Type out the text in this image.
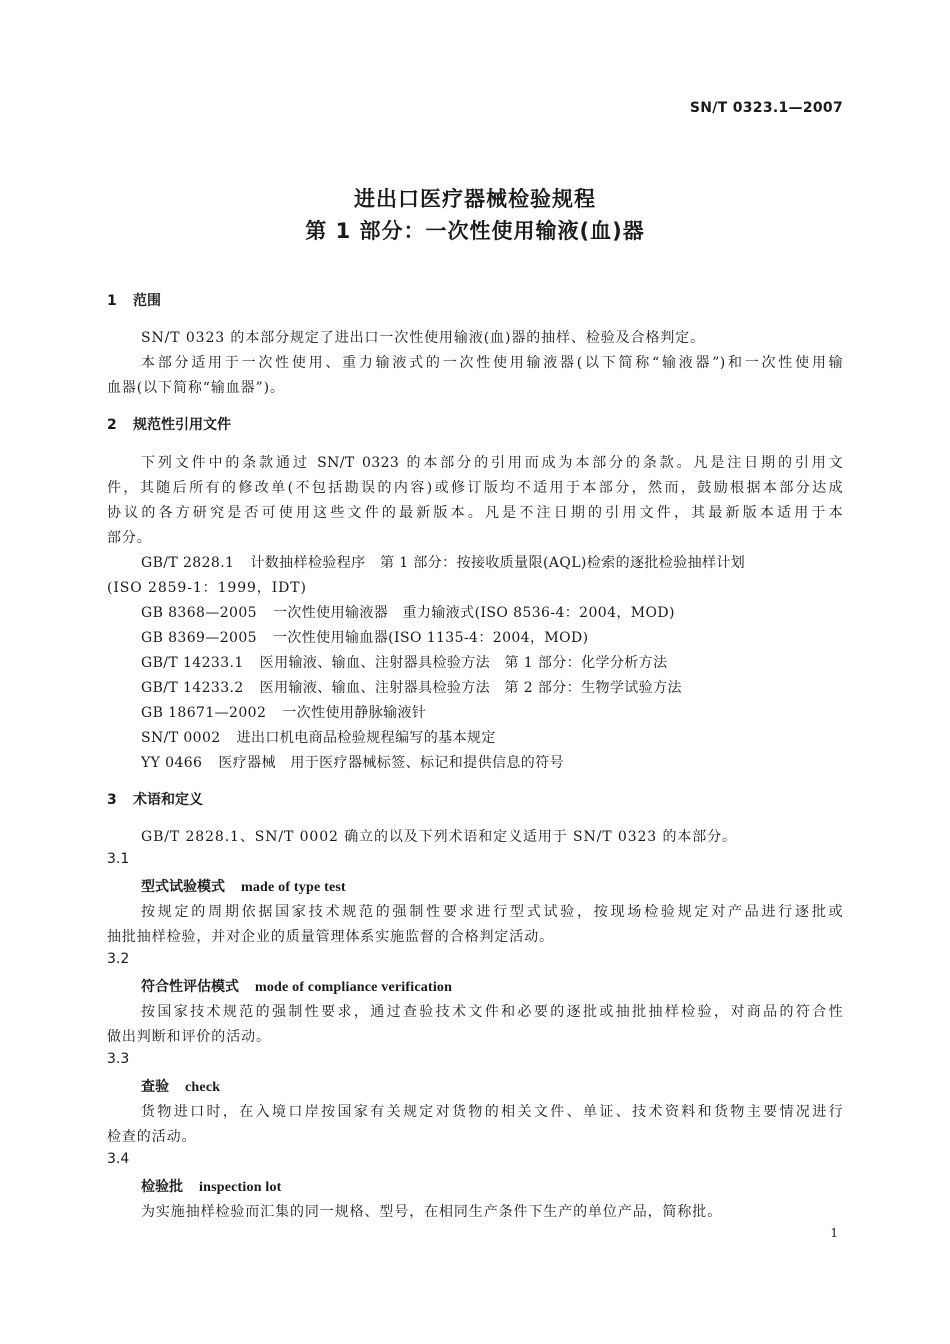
SN/T 0323.1—2007
进出口医疗器械检验规程
第 1 部分：一次性使用输液(血)器
1 范围
SN/T 0323 的本部分规定了进出口一次性使用输液(血)器的抽样、检验及合格判定。
本部分适用于一次性使用、重力输液式的一次性使用输液器(以下简称“输液器”)和一次性使用输
血器(以下简称“输血器”)。
2 规范性引用文件
下列文件中的条款通过 SN/T 0323 的本部分的引用而成为本部分的条款。凡是注日期的引用文
件，其随后所有的修改单(不包括勘误的内容)或修订版均不适用于本部分，然而，鼓励根据本部分达成
协议的各方研究是否可使用这些文件的最新版本。凡是不注日期的引用文件，其最新版本适用于本
部分。
GB/T 2828.1 计数抽样检验程序　第 1 部分：按接收质量限(AQL)检索的逐批检验抽样计划
(ISO 2859-1：1999，IDT)
GB 8368—2005 一次性使用输液器　重力输液式(ISO 8536-4：2004，MOD)
GB 8369—2005 一次性使用输血器(ISO 1135-4：2004，MOD)
GB/T 14233.1 医用输液、输血、注射器具检验方法　第 1 部分：化学分析方法
GB/T 14233.2 医用输液、输血、注射器具检验方法　第 2 部分：生物学试验方法
GB 18671—2002 一次性使用静脉输液针
SN/T 0002 进出口机电商品检验规程编写的基本规定
YY 0466 医疗器械　用于医疗器械标签、标记和提供信息的符号
3 术语和定义
GB/T 2828.1、SN/T 0002 确立的以及下列术语和定义适用于 SN/T 0323 的本部分。
3.1
型式试验模式 made of type test
按规定的周期依据国家技术规范的强制性要求进行型式试验，按现场检验规定对产品进行逐批或
抽批抽样检验，并对企业的质量管理体系实施监督的合格判定活动。
3.2
符合性评估模式 mode of compliance verification
按国家技术规范的强制性要求，通过查验技术文件和必要的逐批或抽批抽样检验，对商品的符合性
做出判断和评价的活动。
3.3
查验 check
货物进口时，在入境口岸按国家有关规定对货物的相关文件、单证、技术资料和货物主要情况进行
检查的活动。
3.4
检验批 inspection lot
为实施抽样检验而汇集的同一规格、型号，在相同生产条件下生产的单位产品，简称批。
1
